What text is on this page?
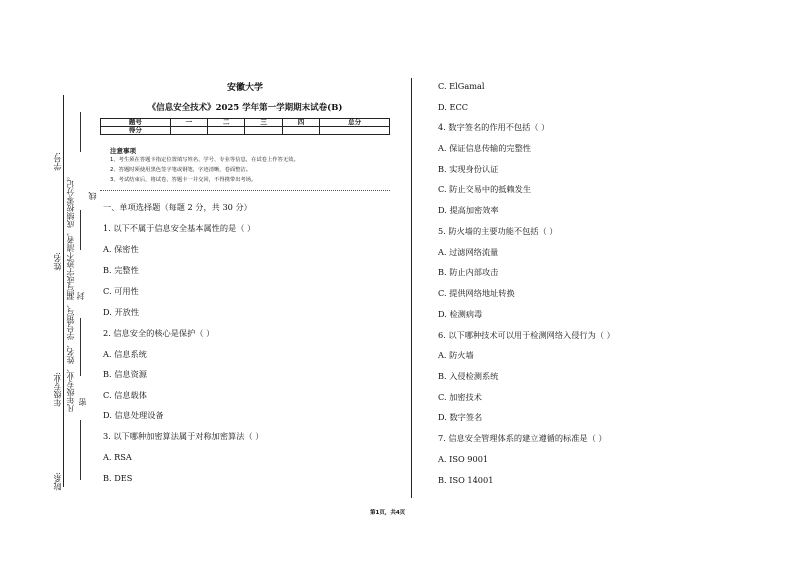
学号:
线
凡年级专业、姓名、学号错写、漏写或字迹不清者，成绩按零分记。
姓名:
封
年级专业: 密
院系:
安徽大学
《信息安全技术》2025 学年第一学期期末试卷(B)
题号	一	二	三	四	总分
得分					
注意事项
1、考生须在答题卡指定位置填写姓名、学号、专业等信息，在试卷上作答无效。
2、答题时须使用黑色签字笔或钢笔，字迹清晰，卷面整洁。
3、考试结束后，将试卷、答题卡一并交回，不得携带出考场。
一、单项选择题（每题 2 分，共 30 分）
1. 以下不属于信息安全基本属性的是（ ）
A. 保密性
B. 完整性
C. 可用性
D. 开放性
2. 信息安全的核心是保护（ ）
A. 信息系统
B. 信息资源
C. 信息载体
D. 信息处理设备
3. 以下哪种加密算法属于对称加密算法（ ）
A. RSA
B. DES
C. ElGamal
D. ECC
4. 数字签名的作用不包括（ ）
A. 保证信息传输的完整性
B. 实现身份认证
C. 防止交易中的抵赖发生
D. 提高加密效率
5. 防火墙的主要功能不包括（ ）
A. 过滤网络流量
B. 防止内部攻击
C. 提供网络地址转换
D. 检测病毒
6. 以下哪种技术可以用于检测网络入侵行为（ ）
A. 防火墙
B. 入侵检测系统
C. 加密技术
D. 数字签名
7. 信息安全管理体系的建立遵循的标准是（ ）
A. ISO 9001
B. ISO 14001
第1页，共4页
